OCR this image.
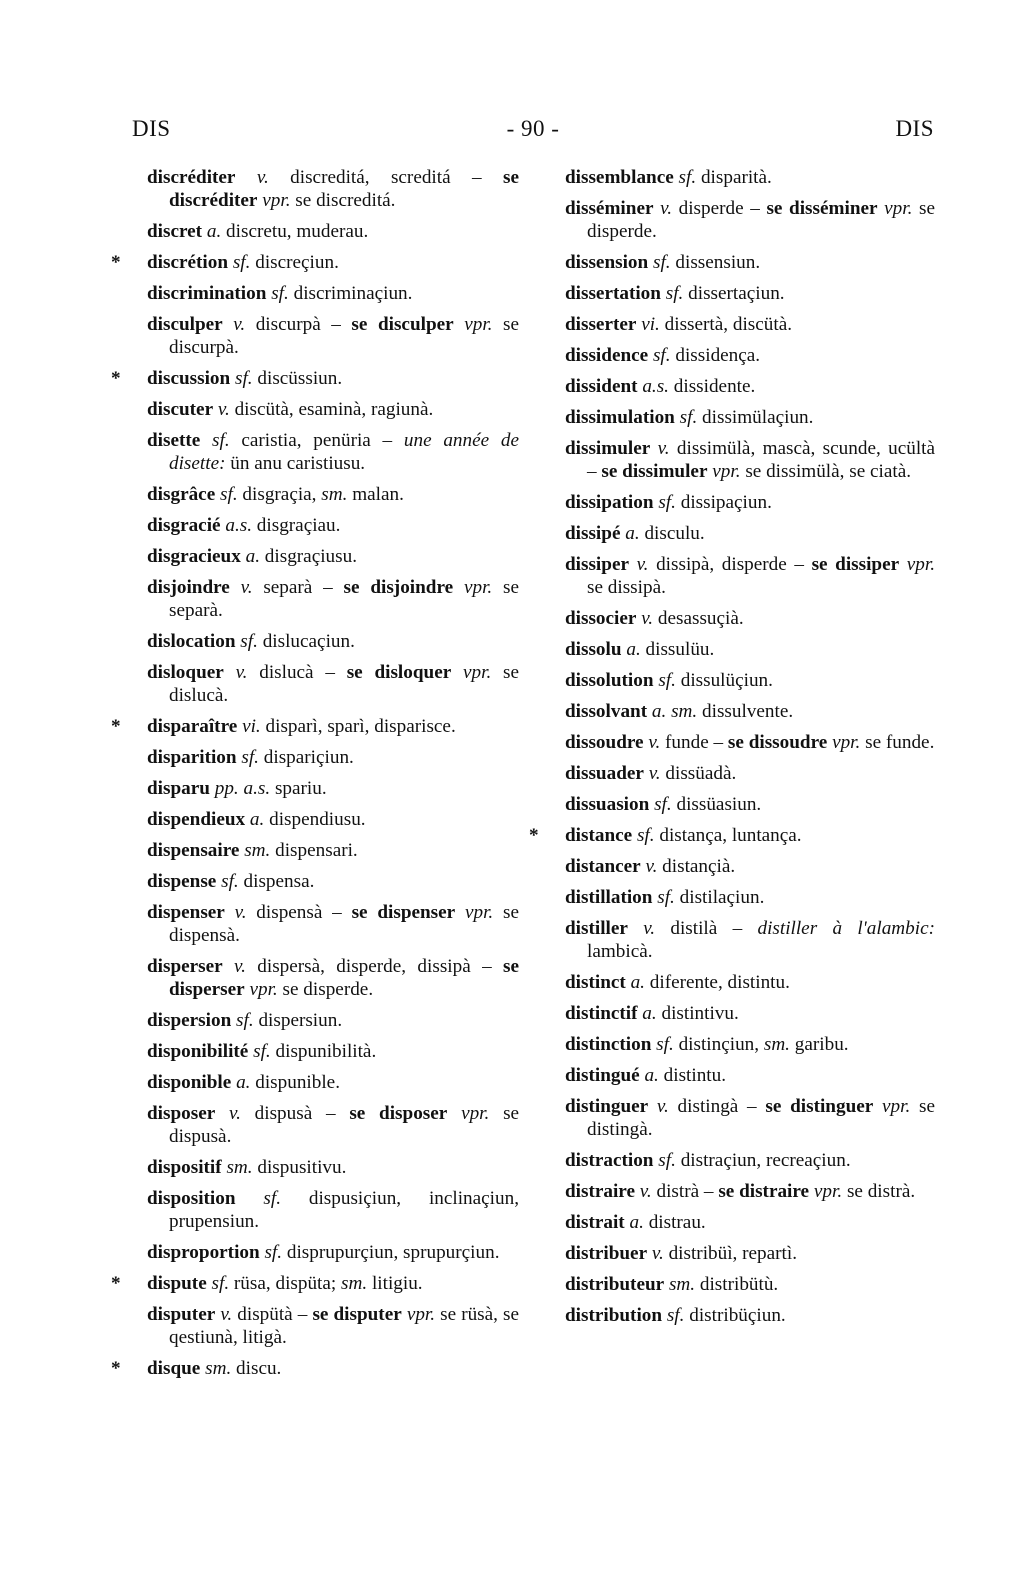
DIS	- 90 -	DIS

discréditer v. discreditá, screditá – se discréditer vpr. se discreditá.

discret a. discretu, muderau.

* discrétion sf. discreçiun.

discrimination sf. discriminaçiun.

disculper v. discurpà – se disculper vpr. se discurpà.

* discussion sf. discüssiun.

discuter v. discütà, esaminà, ragiunà.

disette sf. caristia, penüria – une année de disette: ün anu caristiusu.

disgrâce sf. disgraçia, sm. malan.

disgracié a.s. disgraçiau.

disgracieux a. disgraçiusu.

disjoindre v. separà – se disjoindre vpr. se separà.

dislocation sf. dislucaçiun.

disloquer v. dislucà – se disloquer vpr. se dislucà.

* disparaître vi. disparì, sparì, disparisce.

disparition sf. dispariçiun.

disparu pp. a.s. spariu.

dispendieux a. dispendiusu.

dispensaire sm. dispensari.

dispense sf. dispensa.

dispenser v. dispensà – se dispenser vpr. se dispensà.

disperser v. dispersà, disperde, dissipà – se disperser vpr. se disperde.

dispersion sf. dispersiun.

disponibilité sf. dispunibilità.

disponible a. dispunible.

disposer v. dispusà – se disposer vpr. se dispusà.

dispositif sm. dispusitivu.

disposition sf. dispusiçiun, inclinaçiun, prupensiun.

disproportion sf. disprupurçiun, sprupurçiun.

* dispute sf. rüsa, dispüta; sm. litigiu.

disputer v. dispütà – se disputer vpr. se rüsà, se qestiunà, litigà.

* disque sm. discu.

dissemblance sf. disparità.

disséminer v. disperde – se disséminer vpr. se disperde.

dissension sf. dissensiun.

dissertation sf. dissertaçiun.

disserter vi. dissertà, discütà.

dissidence sf. dissidença.

dissident a.s. dissidente.

dissimulation sf. dissimülaçiun.

dissimuler v. dissimülà, mascà, scunde, ucültà – se dissimuler vpr. se dissimülà, se ciatà.

dissipation sf. dissipaçiun.

dissipé a. disculu.

dissiper v. dissipà, disperde – se dissiper vpr. se dissipà.

dissocier v. desassuçià.

dissolu a. dissulüu.

dissolution sf. dissulüçiun.

dissolvant a. sm. dissulvente.

dissoudre v. funde – se dissoudre vpr. se funde.

dissuader v. dissüadà.

dissuasion sf. dissüasiun.

* distance sf. distança, luntança.

distancer v. distançià.

distillation sf. distilaçiun.

distiller v. distilà – distiller à l'alambic: lambicà.

distinct a. diferente, distintu.

distinctif a. distintivu.

distinction sf. distinçiun, sm. garibu.

distingué a. distintu.

distinguer v. distingà – se distinguer vpr. se distingà.

distraction sf. distraçiun, recreaçiun.

distraire v. distrà – se distraire vpr. se distrà.

distrait a. distrau.

distribuer v. distribüì, repartì.

distributeur sm. distribütù.

distribution sf. distribüçiun.
